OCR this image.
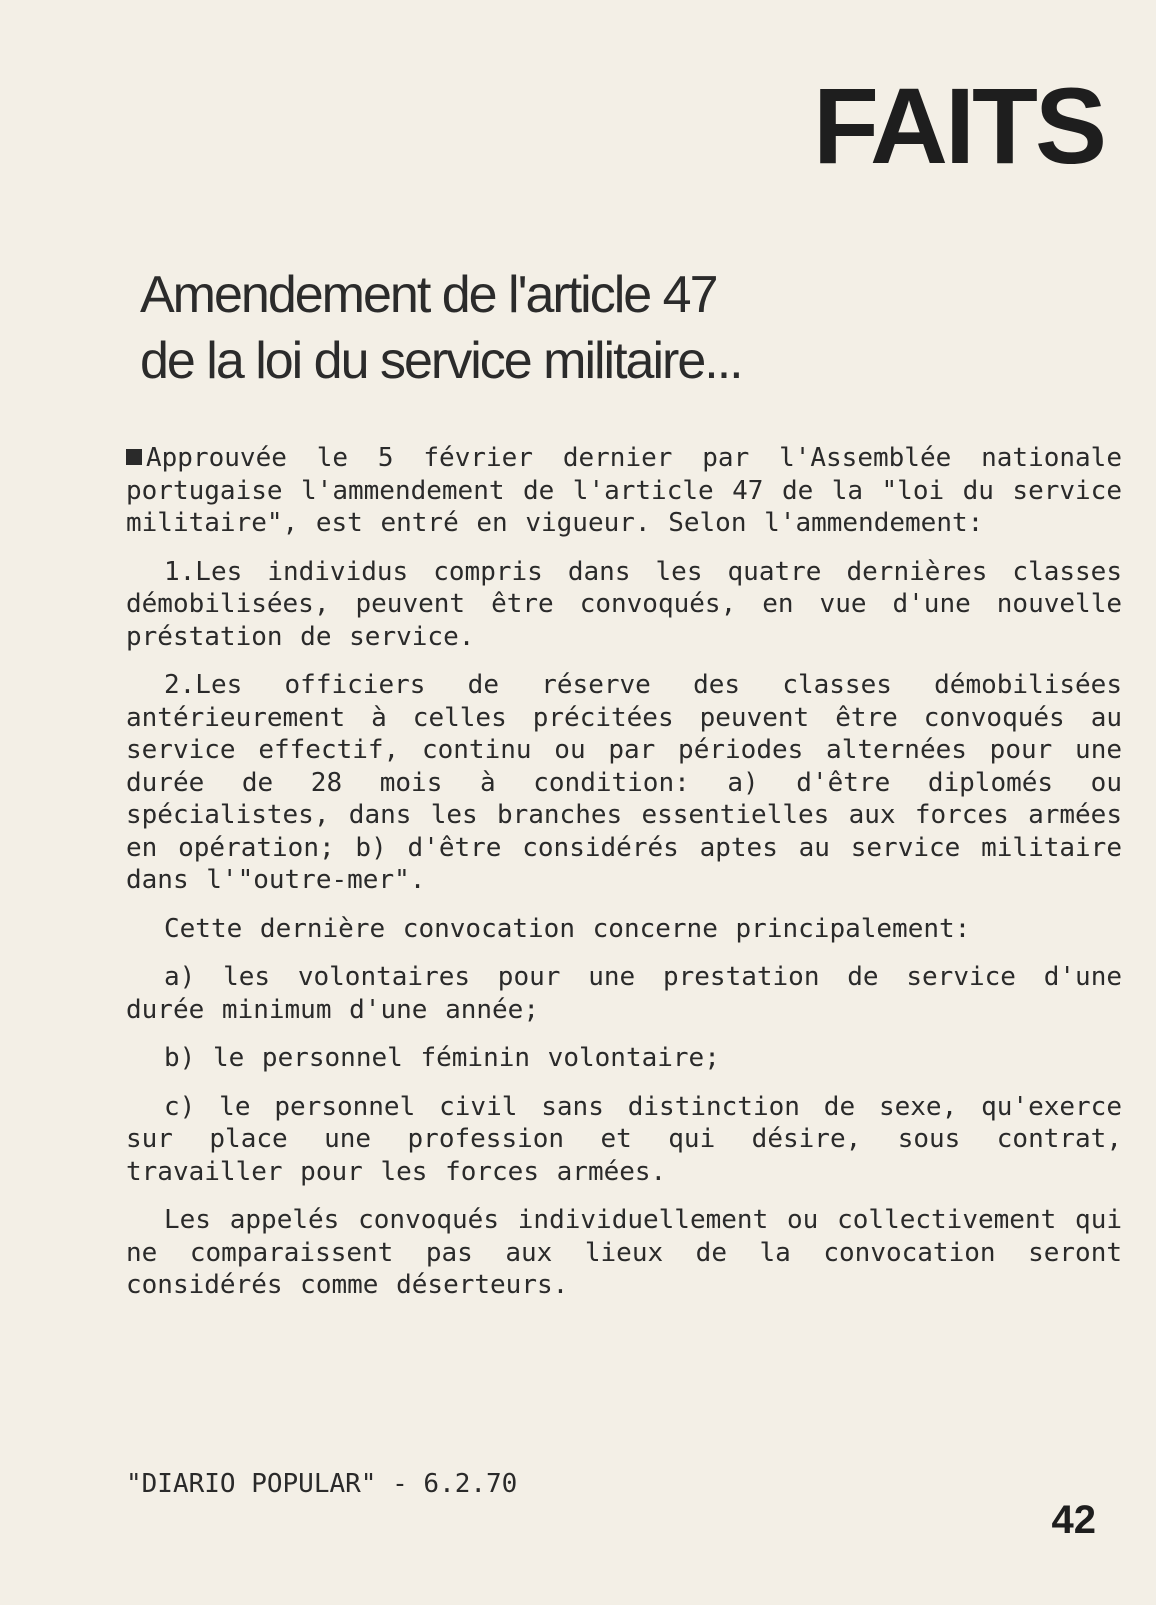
FAITS
Amendement de l'article 47
de la loi du service militaire...

Approuvée le 5 février dernier par l'Assemblée nationale portugaise l'ammendement de l'article 47 de la "loi du service militaire", est entré en vigueur. Selon l'ammendement:

1.Les individus compris dans les quatre dernières classes démobilisées, peuvent être convoqués, en vue d'une nouvelle préstation de service.

2.Les officiers de réserve des classes démobilisées antérieurement à celles précitées peuvent être convoqués au service effectif, continu ou par périodes alternées pour une durée de 28 mois à condition: a) d'être diplomés ou spécialistes, dans les branches essentielles aux forces armées en opération; b) d'être considérés aptes au service militaire dans l'"outre-mer".

Cette dernière convocation concerne principalement:

a) les volontaires pour une prestation de service d'une durée minimum d'une année;

b) le personnel féminin volontaire;

c) le personnel civil sans distinction de sexe, qu'exerce sur place une profession et qui désire, sous contrat, travailler pour les forces armées.

Les appelés convoqués individuellement ou collectivement qui ne comparaissent pas aux lieux de la convocation seront considérés comme déserteurs.

"DIARIO POPULAR" - 6.2.70

42
